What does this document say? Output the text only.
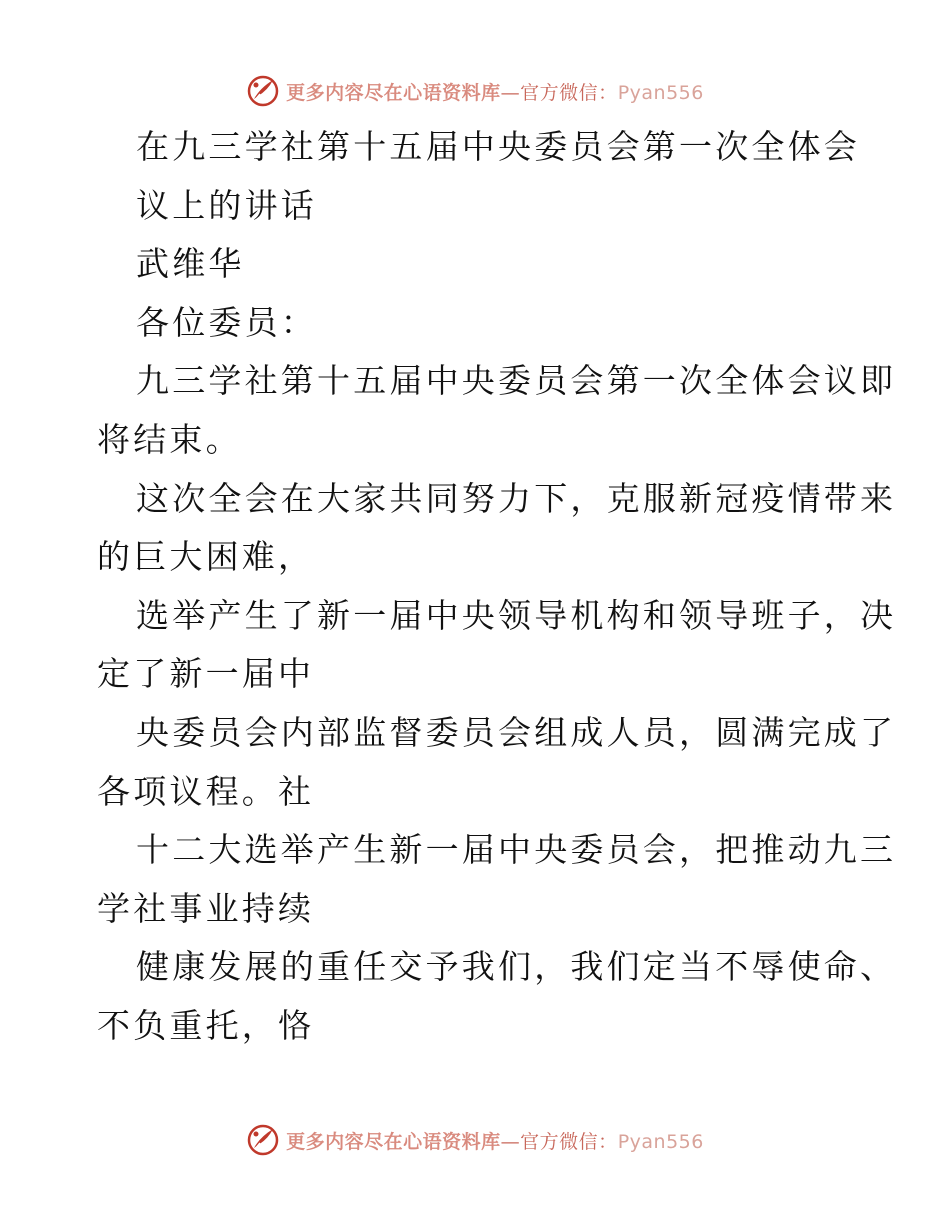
更多内容尽在心语资料库—官方微信：Pyan556
在九三学社第十五届中央委员会第一次全体会
议上的讲话
武维华
各位委员：
九三学社第十五届中央委员会第一次全体会议即
将结束。
这次全会在大家共同努力下，克服新冠疫情带来
的巨大困难，
选举产生了新一届中央领导机构和领导班子，决
定了新一届中
央委员会内部监督委员会组成人员，圆满完成了
各项议程。社
十二大选举产生新一届中央委员会，把推动九三
学社事业持续
健康发展的重任交予我们，我们定当不辱使命、
不负重托，恪
更多内容尽在心语资料库—官方微信：Pyan556
